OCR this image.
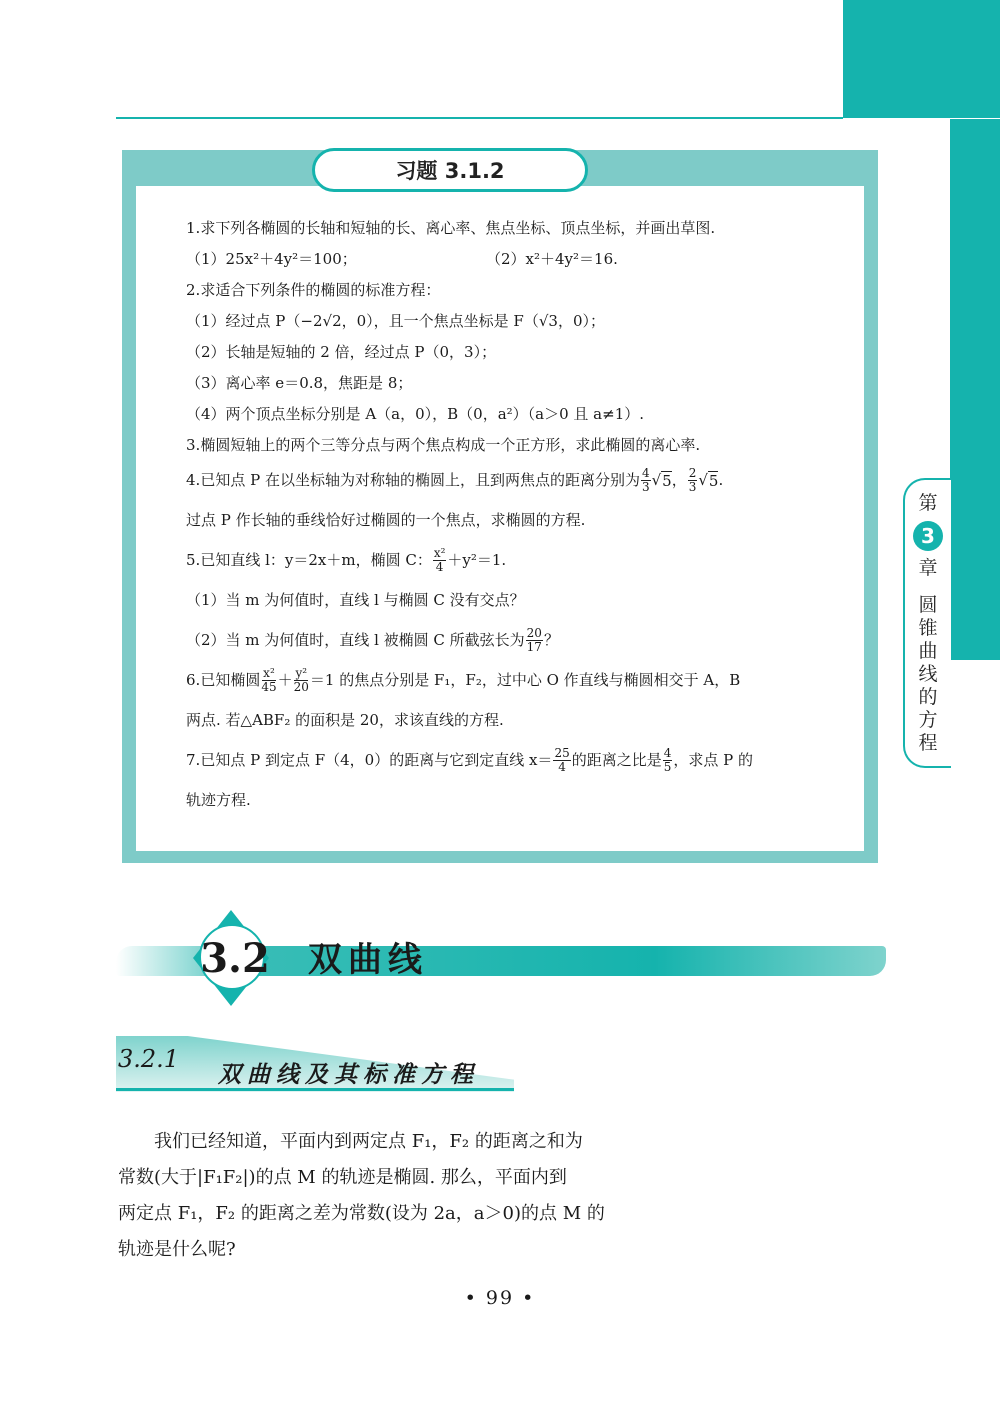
第
3
章
圆
锥
曲
线
的
方
程
习题 3.1.2
1. 求下列各椭圆的长轴和短轴的长、离心率、焦点坐标、顶点坐标，并画出草图.
（1）25x²＋4y²＝100；	（2）x²＋4y²＝16.
2. 求适合下列条件的椭圆的标准方程：
（1）经过点 P（−2√2，0），且一个焦点坐标是 F（√3，0）；
（2）长轴是短轴的 2 倍，经过点 P（0，3）；
（3）离心率 e＝0.8，焦距是 8；
（4）两个顶点坐标分别是 A（a，0），B（0，a²）（a＞0 且 a≠1）.
3. 椭圆短轴上的两个三等分点与两个焦点构成一个正方形，求此椭圆的离心率.
4. 已知点 P 在以坐标轴为对称轴的椭圆上，且到两焦点的距离分别为 $\frac{4}{3}$ √ 5 ， $\frac{2}{3}$ √ 5 .
过点 P 作长轴的垂线恰好过椭圆的一个焦点，求椭圆的方程.
5. 已知直线 l：y＝2x＋m，椭圆 C： $\frac{\text{x²}}{4} +y^2=1$.
（1）当 m 为何值时，直线 l 与椭圆 C 没有交点？
（2）当 m 为何值时，直线 l 被椭圆 C 所截弦长为 $\frac{20}{17}$ ？
6. 已知椭圆 $\frac{\text{x²}}{45} + \frac{\text{y²}}{20} =1$ 的焦点分别是 F₁，F₂，过中心 O 作直线与椭圆相交于 A，B
两点. 若△ABF₂ 的面积是 20，求该直线的方程.
7. 已知点 P 到定点 F（4，0）的距离与它到定直线 $x= \frac{25}{4}$ 的距离之比是 $\frac{4}{5}$ ，求点 P 的
轨迹方程.
3.2 双曲线
3.2.1
双曲线及其标准方程

我们已经知道，平面内到两定点 F₁，F₂ 的距离之和为

常数(大于|F₁F₂|)的点 M 的轨迹是椭圆. 那么，平面内到

两定点 F₁，F₂ 的距离之差为常数(设为 2a，a＞0)的点 M 的

轨迹是什么呢?

• 99 •
